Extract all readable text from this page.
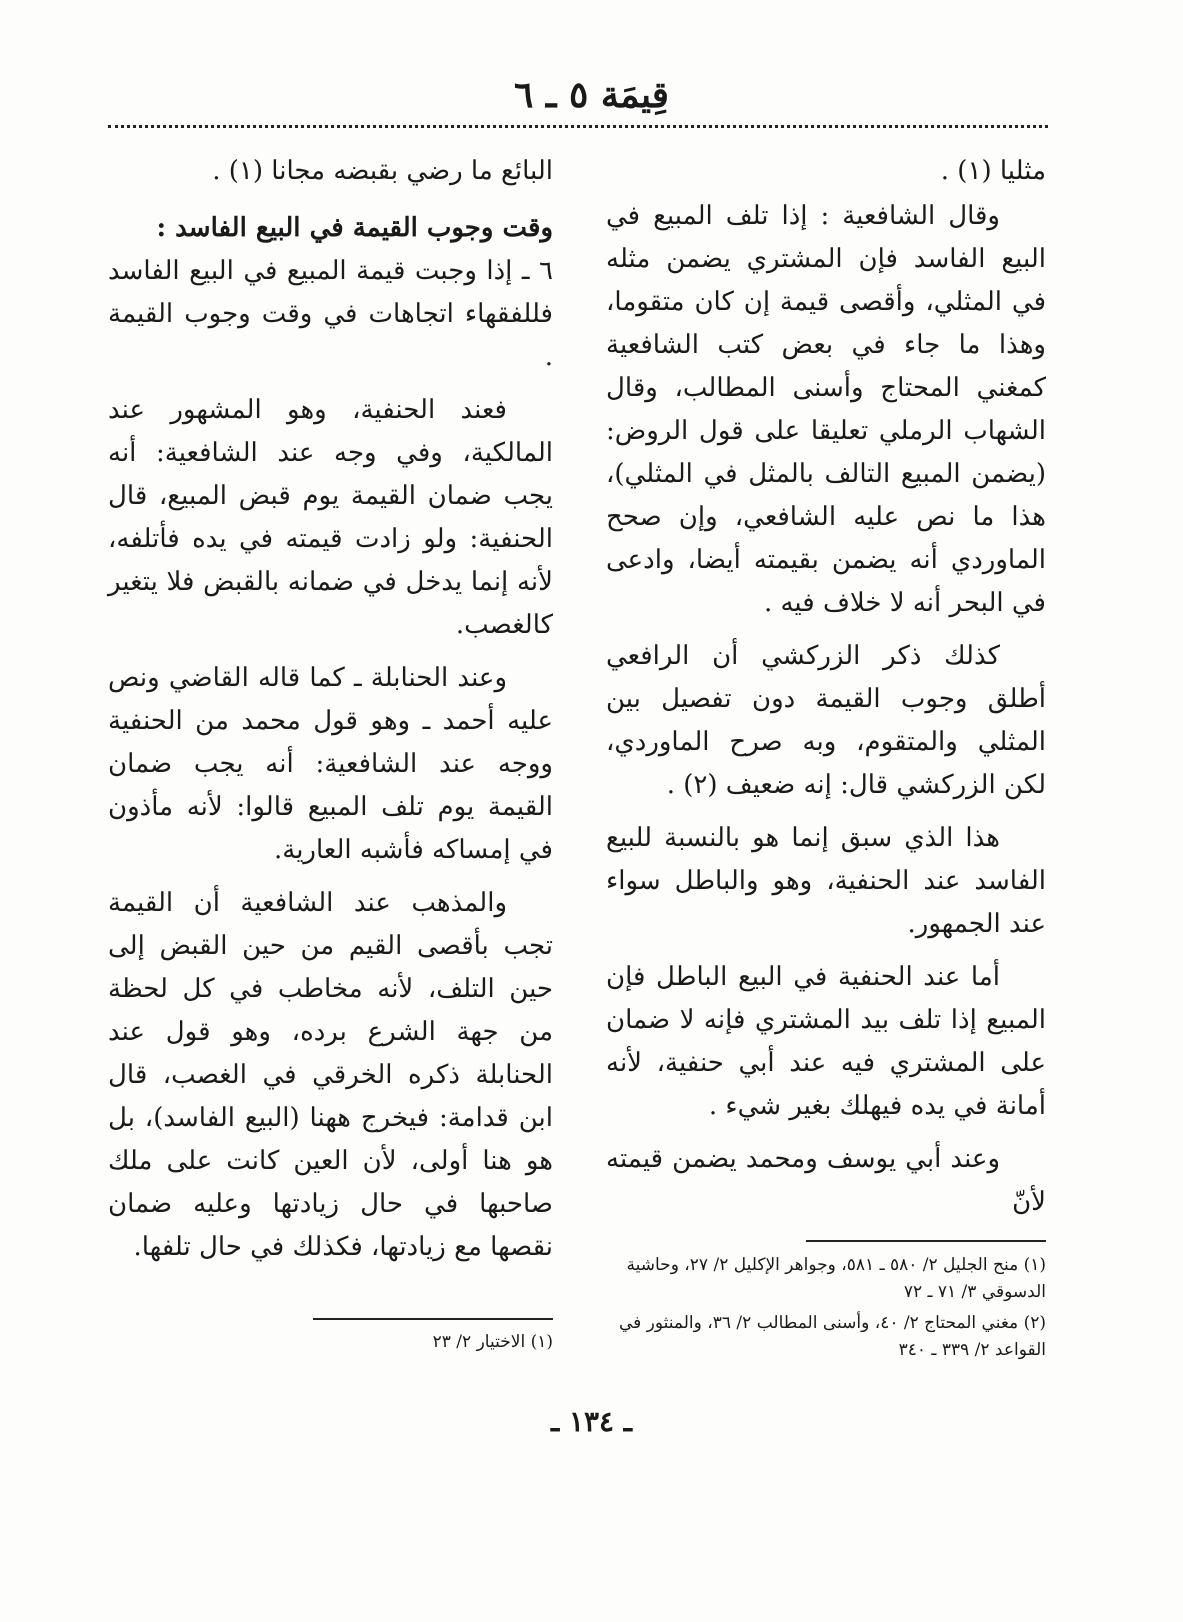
قِيمَة ٥ ـ ٦

مثليا (١) .

وقال الشافعية : إذا تلف المبيع في البيع الفاسد فإن المشتري يضمن مثله في المثلي، وأقصى قيمة إن كان متقوما، وهذا ما جاء في بعض كتب الشافعية كمغني المحتاج وأسنى المطالب، وقال الشهاب الرملي تعليقا على قول الروض: (يضمن المبيع التالف بالمثل في المثلي)، هذا ما نص عليه الشافعي، وإن صحح الماوردي أنه يضمن بقيمته أيضا، وادعى في البحر أنه لا خلاف فيه .

كذلك ذكر الزركشي أن الرافعي أطلق وجوب القيمة دون تفصيل بين المثلي والمتقوم، وبه صرح الماوردي، لكن الزركشي قال: إنه ضعيف (٢) .

هذا الذي سبق إنما هو بالنسبة للبيع الفاسد عند الحنفية، وهو والباطل سواء عند الجمهور.

أما عند الحنفية في البيع الباطل فإن المبيع إذا تلف بيد المشتري فإنه لا ضمان على المشتري فيه عند أبي حنفية، لأنه أمانة في يده فيهلك بغير شيء .

وعند أبي يوسف ومحمد يضمن قيمته لأنّ

(١) منح الجليل ٢/ ٥٨٠ ـ ٥٨١، وجواهر الإكليل ٢/ ٢٧، وحاشية الدسوقي ٣/ ٧١ ـ ٧٢

(٢) مغني المحتاج ٢/ ٤٠، وأسنى المطالب ٢/ ٣٦، والمنثور في القواعد ٢/ ٣٣٩ ـ ٣٤٠

البائع ما رضي بقبضه مجانا (١) .

وقت وجوب القيمة في البيع الفاسد :

٦ ـ إذا وجبت قيمة المبيع في البيع الفاسد فللفقهاء اتجاهات في وقت وجوب القيمة .

فعند الحنفية، وهو المشهور عند المالكية، وفي وجه عند الشافعية: أنه يجب ضمان القيمة يوم قبض المبيع، قال الحنفية: ولو زادت قيمته في يده فأتلفه، لأنه إنما يدخل في ضمانه بالقبض فلا يتغير كالغصب.

وعند الحنابلة ـ كما قاله القاضي ونص عليه أحمد ـ وهو قول محمد من الحنفية ووجه عند الشافعية: أنه يجب ضمان القيمة يوم تلف المبيع قالوا: لأنه مأذون في إمساكه فأشبه العارية.

والمذهب عند الشافعية أن القيمة تجب بأقصى القيم من حين القبض إلى حين التلف، لأنه مخاطب في كل لحظة من جهة الشرع برده، وهو قول عند الحنابلة ذكره الخرقي في الغصب، قال ابن قدامة: فيخرج ههنا (البيع الفاسد)، بل هو هنا أولى، لأن العين كانت على ملك صاحبها في حال زيادتها وعليه ضمان نقصها مع زيادتها، فكذلك في حال تلفها.

(١) الاختيار ٢/ ٢٣

ـ ١٣٤ ـ
